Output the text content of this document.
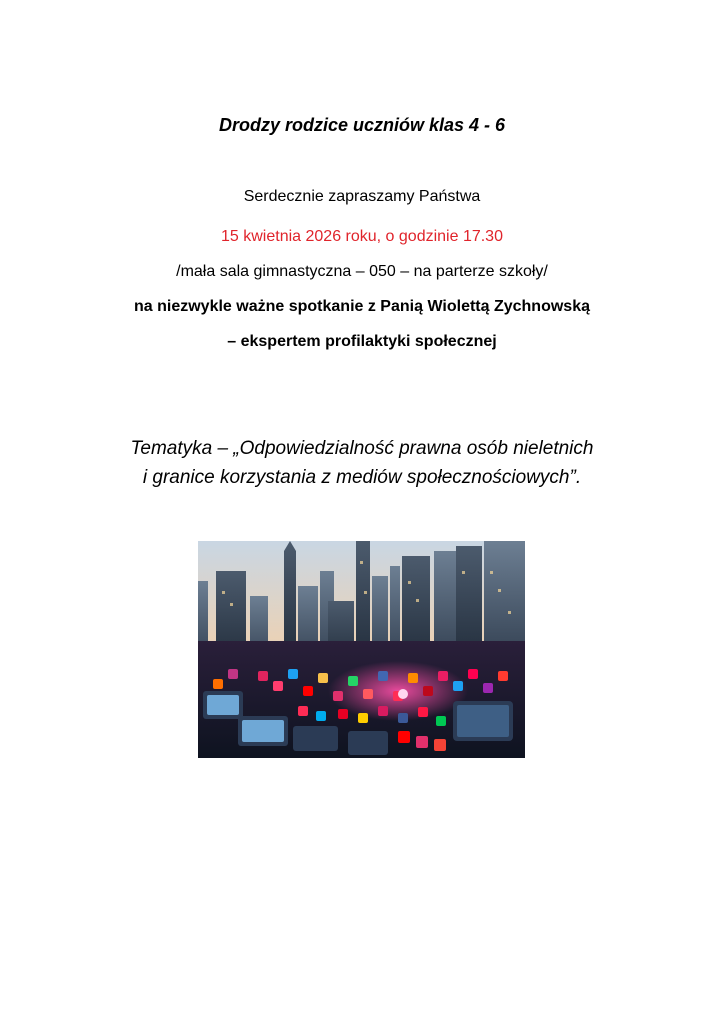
Drodzy rodzice uczniów klas 4 - 6
Serdecznie zapraszamy Państwa
15 kwietnia 2026 roku, o godzinie 17.30
/mała sala gimnastyczna – 050 – na parterze szkoły/
na niezwykle ważne spotkanie z Panią Wiolettą Zychnowską
– ekspertem profilaktyki społecznej
Tematyka – „Odpowiedzialność prawna osób nieletnich
i granice korzystania z mediów społecznościowych”.
